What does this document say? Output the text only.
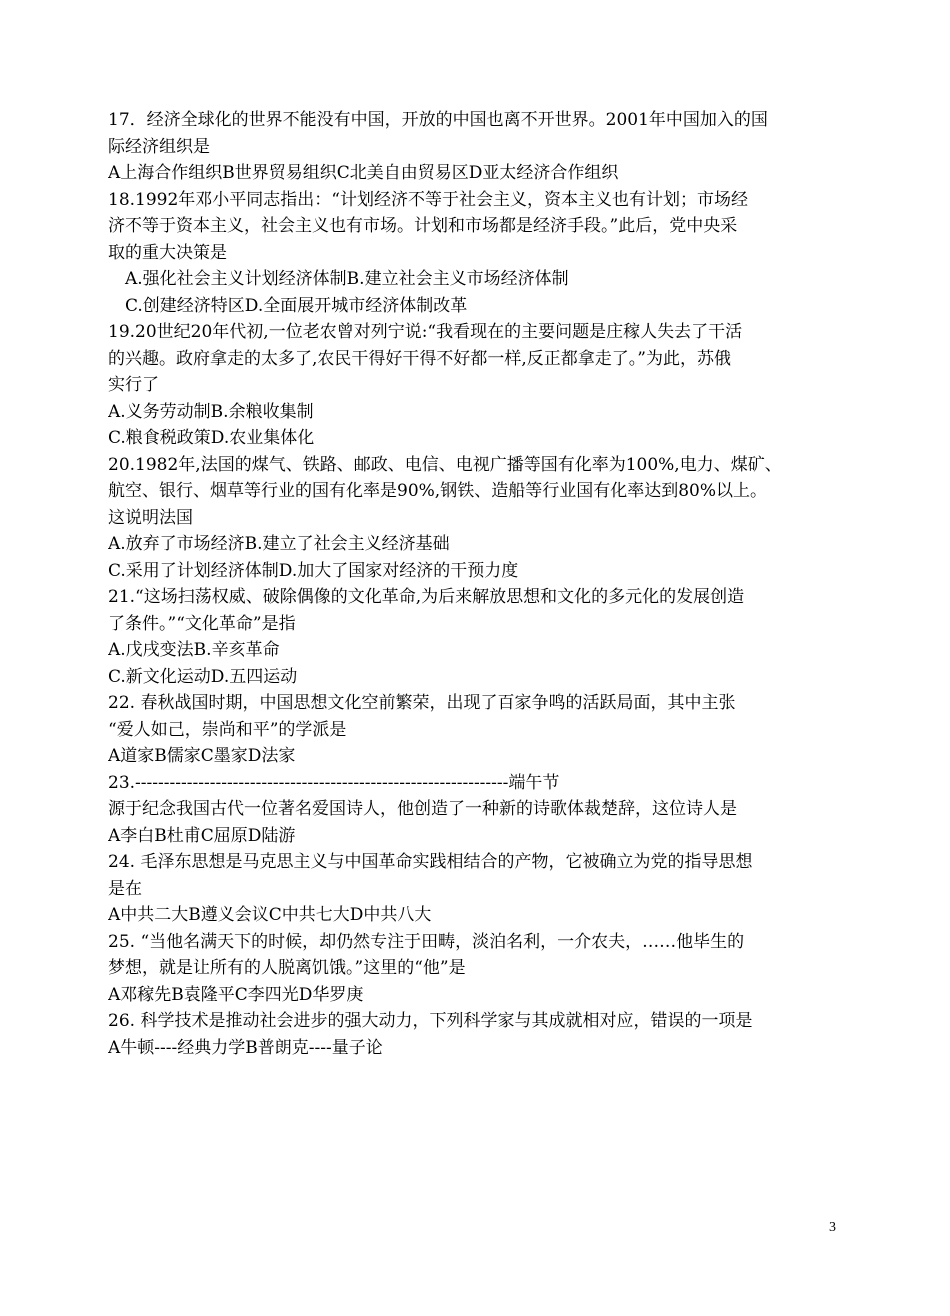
17．经济全球化的世界不能没有中国，开放的中国也离不开世界。2001年中国加入的国
际经济组织是
A上海合作组织B世界贸易组织C北美自由贸易区D亚太经济合作组织
18.1992年邓小平同志指出：“计划经济不等于社会主义，资本主义也有计划；市场经
济不等于资本主义，社会主义也有市场。计划和市场都是经济手段。”此后，党中央采
取的重大决策是
A.强化社会主义计划经济体制B.建立社会主义市场经济体制
C.创建经济特区D.全面展开城市经济体制改革
19.20世纪20年代初,一位老农曾对列宁说:“我看现在的主要问题是庄稼人失去了干活
的兴趣。政府拿走的太多了,农民干得好干得不好都一样,反正都拿走了。”为此，苏俄
实行了
A.义务劳动制B.余粮收集制
C.粮食税政策D.农业集体化
20.1982年,法国的煤气、铁路、邮政、电信、电视广播等国有化率为100%,电力、煤矿、
航空、银行、烟草等行业的国有化率是90%,钢铁、造船等行业国有化率达到80%以上。
这说明法国
A.放弃了市场经济B.建立了社会主义经济基础
C.采用了计划经济体制D.加大了国家对经济的干预力度
21.“这场扫荡权威、破除偶像的文化革命,为后来解放思想和文化的多元化的发展创造
了条件。”“文化革命”是指
A.戊戌变法B.辛亥革命
C.新文化运动D.五四运动
22. 春秋战国时期，中国思想文化空前繁荣，出现了百家争鸣的活跃局面，其中主张
“爱人如己，崇尚和平”的学派是
A道家B儒家C墨家D法家
23.-----------------------------------------------------------------端午节
源于纪念我国古代一位著名爱国诗人，他创造了一种新的诗歌体裁楚辞，这位诗人是
A李白B杜甫C屈原D陆游
24. 毛泽东思想是马克思主义与中国革命实践相结合的产物，它被确立为党的指导思想
是在
A中共二大B遵义会议C中共七大D中共八大
25. “当他名满天下的时候，却仍然专注于田畴，淡泊名利，一介农夫，……他毕生的
梦想，就是让所有的人脱离饥饿。”这里的“他”是
A邓稼先B袁隆平C李四光D华罗庚
26. 科学技术是推动社会进步的强大动力，下列科学家与其成就相对应，错误的一项是
A牛顿----经典力学B普朗克----量子论
3
